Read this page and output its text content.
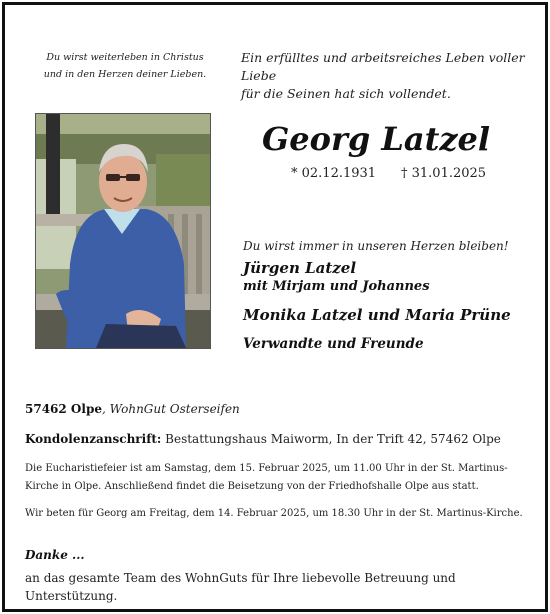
Du wirst weiterleben in Christus
und in den Herzen deiner Lieben.
Ein erfülltes und arbeitsreiches Leben voller Liebe
für die Seinen hat sich vollendet.
Georg Latzel
* 02.12.1931 † 31.01.2025
Du wirst immer in unseren Herzen bleiben!
Jürgen Latzel
mit Mirjam und Johannes
Monika Latzel und Maria Prüne
Verwandte und Freunde
57462 Olpe, WohnGut Osterseifen
Kondolenzanschrift: Bestattungshaus Maiworm, In der Trift 42, 57462 Olpe
Die Eucharistiefeier ist am Samstag, dem 15. Februar 2025, um 11.00 Uhr in der St. Martinus-
Kirche in Olpe. Anschließend findet die Beisetzung von der Friedhofshalle Olpe aus statt.
Wir beten für Georg am Freitag, dem 14. Februar 2025, um 18.30 Uhr in der St. Martinus-Kirche.
Danke ...
an das gesamte Team des WohnGuts für Ihre liebevolle Betreuung und Unterstützung.
